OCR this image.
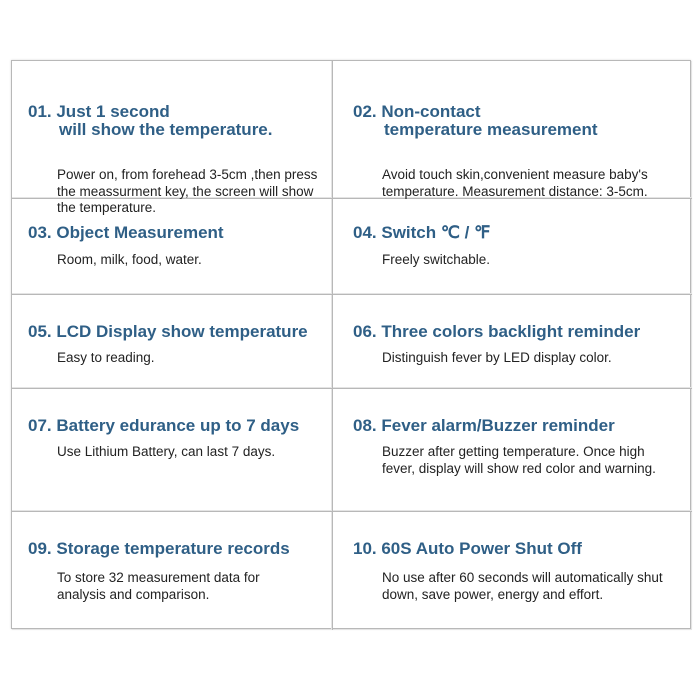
01. Just 1 second

will show the temperature.

Power on, from forehead 3-5cm ,then press the meassurment key, the screen will show the temperature.

02. Non-contact

temperature measurement

Avoid touch skin,convenient measure baby's temperature. Measurement distance: 3-5cm.

03. Object Measurement

Room, milk, food, water.

04. Switch ℃ / ℉

Freely switchable.

05. LCD Display show temperature

Easy to reading.

06. Three colors backlight reminder

Distinguish fever by LED display color.

07. Battery edurance up to 7 days

Use Lithium Battery, can last 7 days.

08. Fever alarm/Buzzer reminder

Buzzer after getting temperature. Once high fever, display will show red color and warning.

09. Storage temperature records

To store 32 measurement data for analysis and comparison.

10. 60S Auto Power Shut Off

No use after 60 seconds will automatically shut down, save power, energy and effort.
